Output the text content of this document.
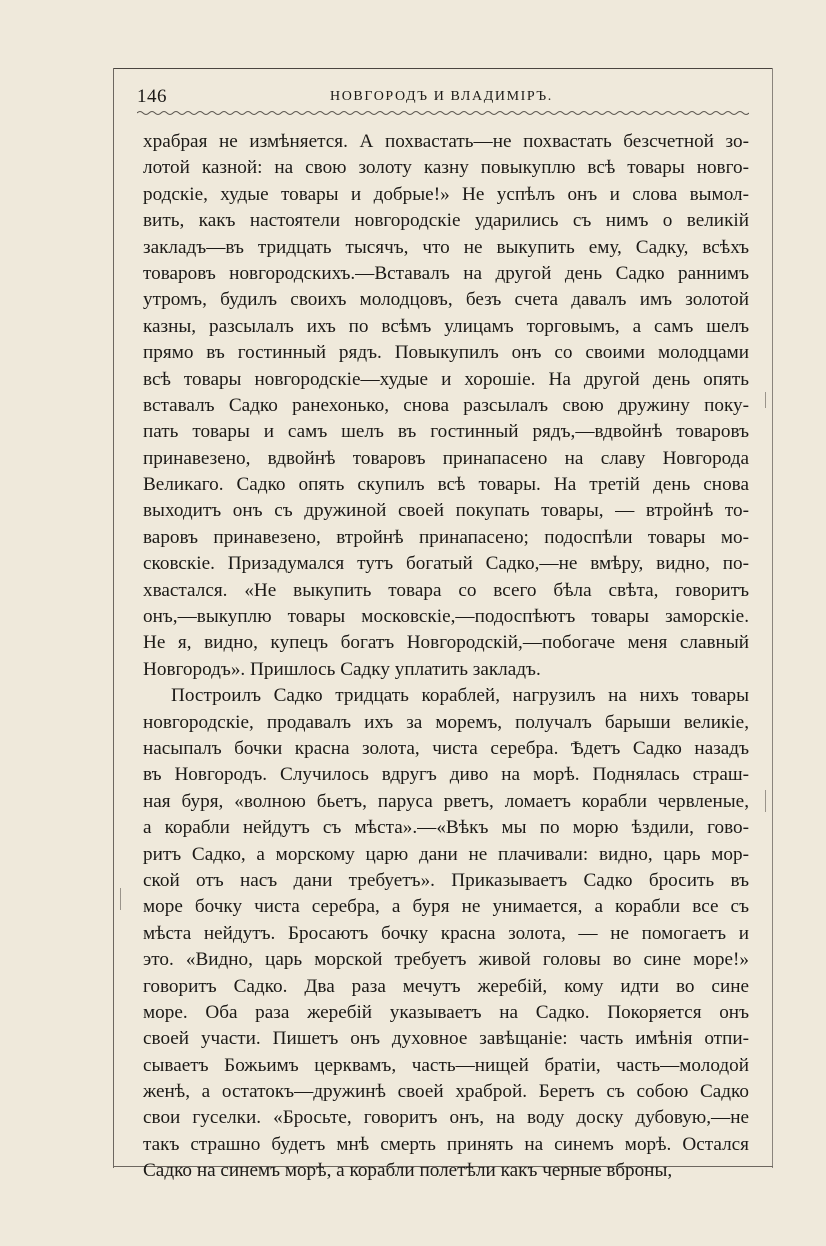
146	НОВГОРОДЪ И ВЛАДИМІРЪ.
храбрая не измѣняется. А похвастать—не похвастать безсчетной зо-
лотой казной: на свою золоту казну повыкуплю всѣ товары новго-
родскіе, худые товары и добрые!» Не успѣлъ онъ и слова вымол-
вить, какъ настоятели новгородскіе ударились съ нимъ о великій
закладъ—въ тридцать тысячъ, что не выкупить ему, Садку, всѣхъ
товаровъ новгородскихъ.—Вставалъ на другой день Садко раннимъ
утромъ, будилъ своихъ молодцовъ, безъ счета давалъ имъ золотой
казны, разсылалъ ихъ по всѣмъ улицамъ торговымъ, а самъ шелъ
прямо въ гостинный рядъ. Повыкупилъ онъ со своими молодцами
всѣ товары новгородскіе—худые и хорошіе. На другой день опять
вставалъ Садко ранехонько, снова разсылалъ свою дружину поку-
пать товары и самъ шелъ въ гостинный рядъ,—вдвойнѣ товаровъ
принавезено, вдвойнѣ товаровъ принапасено на славу Новгорода
Великаго. Садко опять скупилъ всѣ товары. На третій день снова
выходитъ онъ съ дружиной своей покупать товары, — втройнѣ то-
варовъ принавезено, втройнѣ принапасено; подоспѣли товары мо-
сковскіе. Призадумался тутъ богатый Садко,—не вмѣру, видно, по-
хвастался. «Не выкупить товара со всего бѣла свѣта, говоритъ
онъ,—выкуплю товары московскіе,—подоспѣютъ товары заморскіе.
Не я, видно, купецъ богатъ Новгородскій,—побогаче меня славный
Новгородъ». Пришлось Садку уплатить закладъ.
Построилъ Садко тридцать кораблей, нагрузилъ на нихъ товары
новгородскіе, продавалъ ихъ за моремъ, получалъ барыши великіе,
насыпалъ бочки красна золота, чиста серебра. Ѣдетъ Садко назадъ
въ Новгородъ. Случилось вдругъ диво на морѣ. Поднялась страш-
ная буря, «волною бьетъ, паруса рветъ, ломаетъ корабли червленые,
а корабли нейдутъ съ мѣста».—«Вѣкъ мы по морю ѣздили, гово-
ритъ Садко, а морскому царю дани не плачивали: видно, царь мор-
ской отъ насъ дани требуетъ». Приказываетъ Садко бросить въ
море бочку чиста серебра, а буря не унимается, а корабли все съ
мѣста нейдутъ. Бросаютъ бочку красна золота, — не помогаетъ и
это. «Видно, царь морской требуетъ живой головы во сине море!»
говоритъ Садко. Два раза мечутъ жеребій, кому идти во сине
море. Оба раза жеребій указываетъ на Садко. Покоряется онъ
своей участи. Пишетъ онъ духовное завѣщаніе: часть имѣнія отпи-
сываетъ Божьимъ церквамъ, часть—нищей братіи, часть—молодой
женѣ, а остатокъ—дружинѣ своей храброй. Беретъ съ собою Садко
свои гуселки. «Бросьте, говоритъ онъ, на воду доску дубовую,—не
такъ страшно будетъ мнѣ смерть принять на синемъ морѣ. Остался
Садко на синемъ морѣ, а корабли полетѣли какъ черные вброны,
